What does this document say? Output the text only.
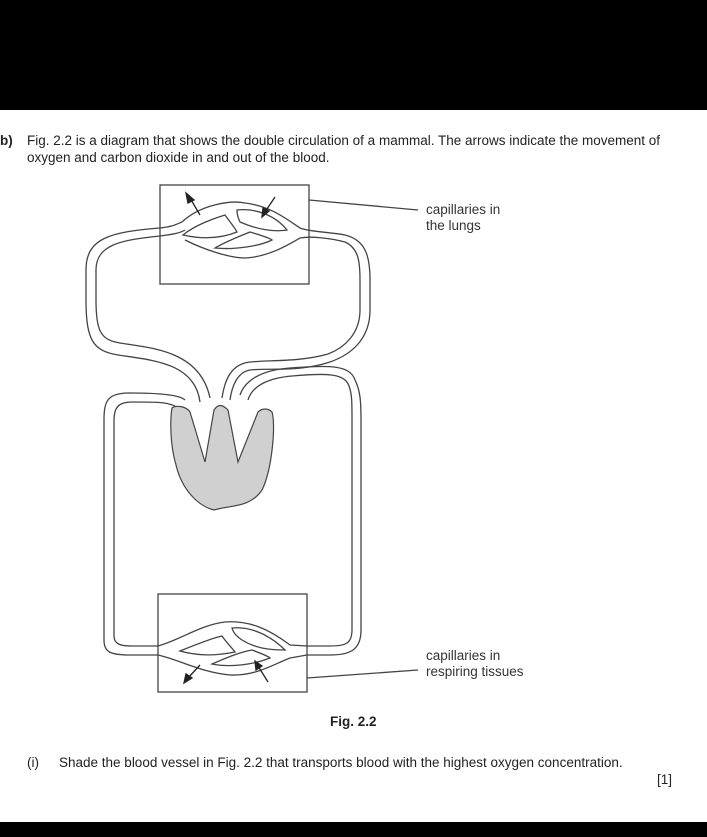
b) Fig. 2.2 is a diagram that shows the double circulation of a mammal. The arrows indicate the movement of oxygen and carbon dioxide in and out of the blood.
capillaries in
the lungs
capillaries in
respiring tissues
Fig. 2.2
(i) Shade the blood vessel in Fig. 2.2 that transports blood with the highest oxygen concentration.
[1]
